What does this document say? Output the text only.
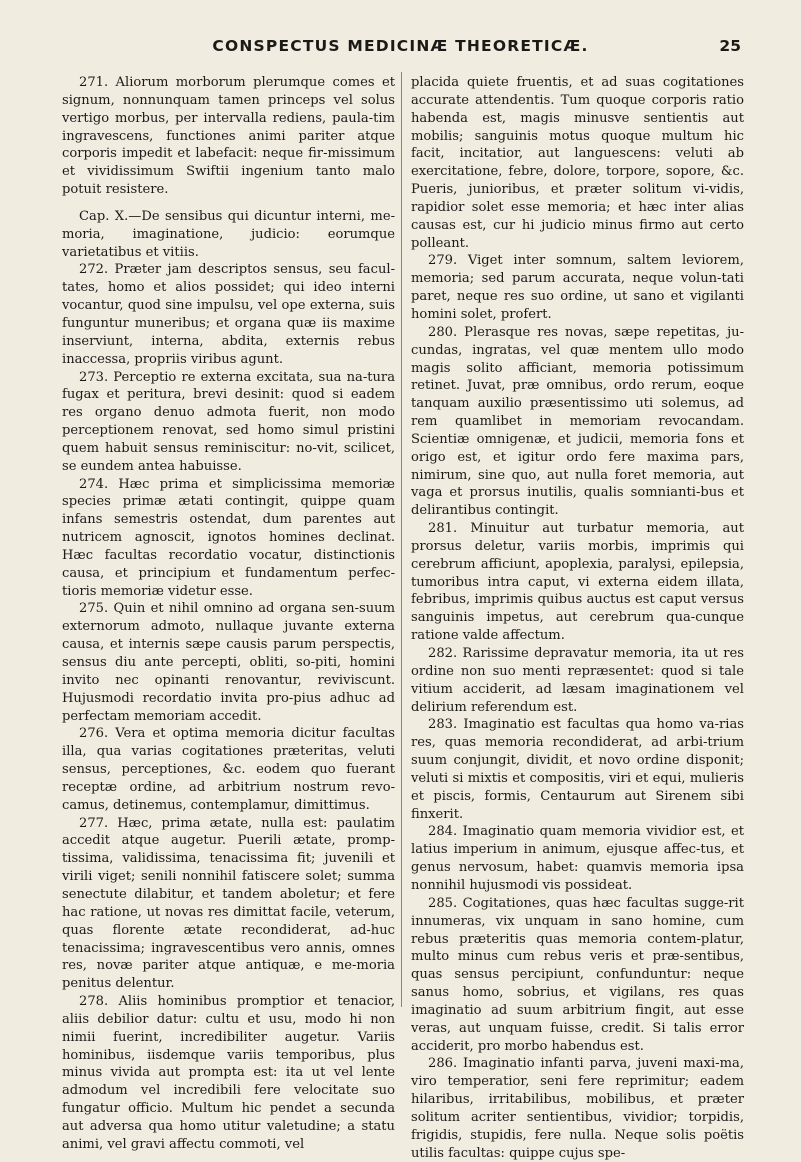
CONSPECTUS MEDICINÆ THEORETICÆ.	25

271. Aliorum morborum plerumque comes et signum, nonnunquam tamen princeps vel solus vertigo morbus, per intervalla rediens, paula-tim ingravescens, functiones animi pariter atque corporis impedit et labefacit: neque fir-missimum et vividissimum Swiftii ingenium tanto malo potuit resistere.

Cap. X.—De sensibus qui dicuntur interni, me-moria, imaginatione, judicio: eorumque varietatibus et vitiis.

272. Præter jam descriptos sensus, seu facul-tates, homo et alios possidet; qui ideo interni vocantur, quod sine impulsu, vel ope externa, suis funguntur muneribus; et organa quæ iis maxime inserviunt, interna, abdita, externis rebus inaccessa, propriis viribus agunt.

273. Perceptio re externa excitata, sua na-tura fugax et peritura, brevi desinit: quod si eadem res organo denuo admota fuerit, non modo perceptionem renovat, sed homo simul pristini quem habuit sensus reminiscitur: no-vit, scilicet, se eundem antea habuisse.

274. Hæc prima et simplicissima memoriæ species primæ ætati contingit, quippe quam infans semestris ostendat, dum parentes aut nutricem agnoscit, ignotos homines declinat. Hæc facultas recordatio vocatur, distinctionis causa, et principium et fundamentum perfec-tioris memoriæ videtur esse.

275. Quin et nihil omnino ad organa sen-suum externorum admoto, nullaque juvante externa causa, et internis sæpe causis parum perspectis, sensus diu ante percepti, obliti, so-piti, homini invito nec opinanti renovantur, reviviscunt. Hujusmodi recordatio invita pro-pius adhuc ad perfectam memoriam accedit.

276. Vera et optima memoria dicitur facultas illa, qua varias cogitationes præteritas, veluti sensus, perceptiones, &c. eodem quo fuerant receptæ ordine, ad arbitrium nostrum revo-camus, detinemus, contemplamur, dimittimus.

277. Hæc, prima ætate, nulla est: paulatim accedit atque augetur. Puerili ætate, promp-tissima, validissima, tenacissima fit; juvenili et virili viget; senili nonnihil fatiscere solet; summa senectute dilabitur, et tandem aboletur; et fere hac ratione, ut novas res dimittat facile, veterum, quas florente ætate recondiderat, ad-huc tenacissima; ingravescentibus vero annis, omnes res, novæ pariter atque antiquæ, e me-moria penitus delentur.

278. Aliis hominibus promptior et tenacior, aliis debilior datur: cultu et usu, modo hi non nimii fuerint, incredibiliter augetur. Variis hominibus, iisdemque variis temporibus, plus minus vivida aut prompta est: ita ut vel lente admodum vel incredibili fere velocitate suo fungatur officio. Multum hic pendet a secunda aut adversa qua homo utitur valetudine; a statu animi, vel gravi affectu commoti, vel

placida quiete fruentis, et ad suas cogitationes accurate attendentis. Tum quoque corporis ratio habenda est, magis minusve sentientis aut mobilis; sanguinis motus quoque multum hic facit, incitatior, aut languescens: veluti ab exercitatione, febre, dolore, torpore, sopore, &c. Pueris, junioribus, et præter solitum vi-vidis, rapidior solet esse memoria; et hæc inter alias causas est, cur hi judicio minus firmo aut certo polleant.

279. Viget inter somnum, saltem leviorem, memoria; sed parum accurata, neque volun-tati paret, neque res suo ordine, ut sano et vigilanti homini solet, profert.

280. Plerasque res novas, sæpe repetitas, ju-cundas, ingratas, vel quæ mentem ullo modo magis solito afficiant, memoria potissimum retinet. Juvat, præ omnibus, ordo rerum, eoque tanquam auxilio præsentissimo uti solemus, ad rem quamlibet in memoriam revocandam. Scientiæ omnigenæ, et judicii, memoria fons et origo est, et igitur ordo fere maxima pars, nimirum, sine quo, aut nulla foret memoria, aut vaga et prorsus inutilis, qualis somnianti-bus et delirantibus contingit.

281. Minuitur aut turbatur memoria, aut prorsus deletur, variis morbis, imprimis qui cerebrum afficiunt, apoplexia, paralysi, epilepsia, tumoribus intra caput, vi externa eidem illata, febribus, imprimis quibus auctus est caput versus sanguinis impetus, aut cerebrum qua-cunque ratione valde affectum.

282. Rarissime depravatur memoria, ita ut res ordine non suo menti repræsentet: quod si tale vitium acciderit, ad læsam imaginationem vel delirium referendum est.

283. Imaginatio est facultas qua homo va-rias res, quas memoria recondiderat, ad arbi-trium suum conjungit, dividit, et novo ordine disponit; veluti si mixtis et compositis, viri et equi, mulieris et piscis, formis, Centaurum aut Sirenem sibi finxerit.

284. Imaginatio quam memoria vividior est, et latius imperium in animum, ejusque affec-tus, et genus nervosum, habet: quamvis memoria ipsa nonnihil hujusmodi vis possideat.

285. Cogitationes, quas hæc facultas sugge-rit innumeras, vix unquam in sano homine, cum rebus præteritis quas memoria contem-platur, multo minus cum rebus veris et præ-sentibus, quas sensus percipiunt, confunduntur: neque sanus homo, sobrius, et vigilans, res quas imaginatio ad suum arbitrium fingit, aut esse veras, aut unquam fuisse, credit. Si talis error acciderit, pro morbo habendus est.

286. Imaginatio infanti parva, juveni maxi-ma, viro temperatior, seni fere reprimitur; eadem hilaribus, irritabilibus, mobilibus, et præter solitum acriter sentientibus, vividior; torpidis, frigidis, stupidis, fere nulla. Neque solis poëtis utilis facultas: quippe cujus spe-
